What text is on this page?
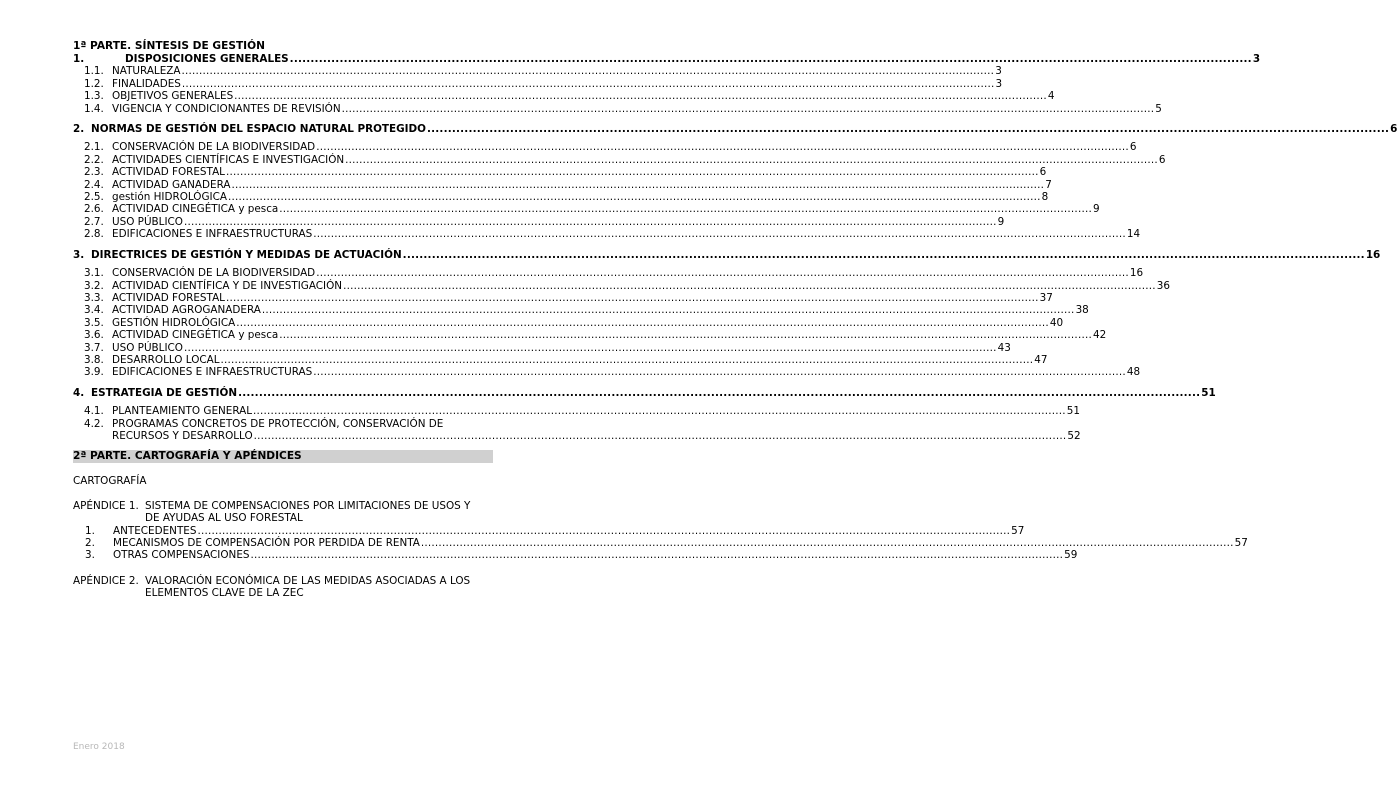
1ª PARTE. SÍNTESIS DE GESTIÓN
1.	DISPOSICIONES GENERALES .....	3
1.1. NATURALEZA .....	3
1.2. FINALIDADES .....	3
1.3. OBJETIVOS GENERALES .....	4
1.4. VIGENCIA Y CONDICIONANTES DE REVISIÓN .....	5
2. NORMAS DE GESTIÓN DEL ESPACIO NATURAL PROTEGIDO .....	6
2.1. CONSERVACIÓN DE LA BIODIVERSIDAD .....	6
2.2. ACTIVIDADES CIENTÍFICAS E INVESTIGACIÓN .....	6
2.3. ACTIVIDAD FORESTAL .....	6
2.4. ACTIVIDAD GANADERA .....	7
2.5. gestión HIDROLÓGICA .....	8
2.6. ACTIVIDAD CINEGÉTICA y pesca .....	9
2.7. USO PÚBLICO .....	9
2.8. EDIFICACIONES E INFRAESTRUCTURAS .....	14
3. DIRECTRICES DE GESTIÓN Y MEDIDAS DE ACTUACIÓN .....	16
3.1. CONSERVACIÓN DE LA BIODIVERSIDAD .....	16
3.2. ACTIVIDAD CIENTÍFICA Y DE INVESTIGACIÓN .....	36
3.3. ACTIVIDAD FORESTAL .....	37
3.4. ACTIVIDAD AGROGANADERA .....	38
3.5. GESTIÓN HIDROLÓGICA .....	40
3.6. ACTIVIDAD CINEGÉTICA y pesca .....	42
3.7. USO PÚBLICO .....	43
3.8. DESARROLLO LOCAL .....	47
3.9. EDIFICACIONES E INFRAESTRUCTURAS .....	48
4. ESTRATEGIA DE GESTIÓN .....	51
4.1. PLANTEAMIENTO GENERAL .....	51
4.2. PROGRAMAS CONCRETOS DE PROTECCIÓN, CONSERVACIÓN DE
RECURSOS Y DESARROLLO .....	52
2ª PARTE. CARTOGRAFÍA Y APÉNDICES
CARTOGRAFÍA
APÉNDICE 1. SISTEMA DE COMPENSACIONES POR LIMITACIONES DE USOS Y
DE AYUDAS AL USO FORESTAL
1.	ANTECEDENTES .....	57
2.	MECANISMOS DE COMPENSACIÓN POR PERDIDA DE RENTA .....	57
3.	OTRAS COMPENSACIONES .....	59
APÉNDICE 2. VALORACIÓN ECONÓMICA DE LAS MEDIDAS ASOCIADAS A LOS
ELEMENTOS CLAVE DE LA ZEC
Enero 2018
